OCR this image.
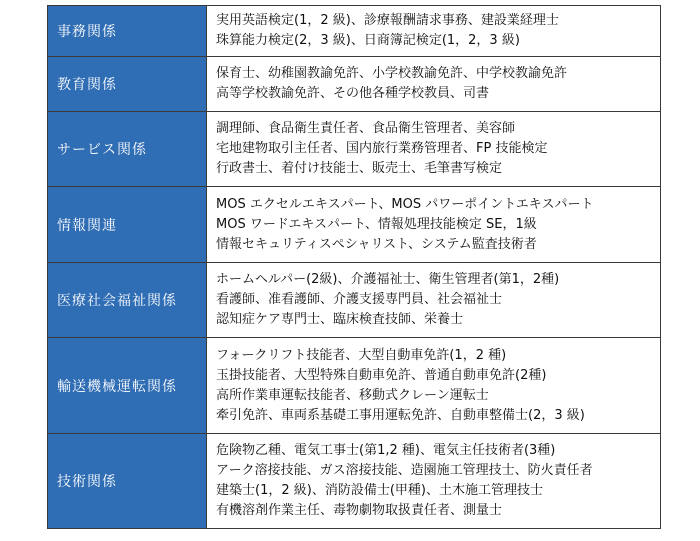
事務関係	実用英語検定(1，2 級)、診療報酬請求事務、建設業経理士
珠算能力検定(2，3 級)、日商簿記検定(1，2，3 級)

教育関係	保育士、幼稚園教諭免許、小学校教諭免許、中学校教諭免許
高等学校教諭免許、その他各種学校教員、司書

サービス関係	調理師、食品衛生責任者、食品衛生管理者、美容師
宅地建物取引主任者、国内旅行業務管理者、FP 技能検定
行政書士、着付け技能士、販売士、毛筆書写検定

情報関連	MOS エクセルエキスパート、MOS パワーポイントエキスパート
MOS ワードエキスパート、情報処理技能検定 SE，1級
情報セキュリティスペシャリスト、システム監査技術者

医療社会福祉関係	ホームヘルパー(2級)、介護福祉士、衛生管理者(第1，2種)
看護師、准看護師、介護支援専門員、社会福祉士
認知症ケア専門士、臨床検査技師、栄養士

輸送機械運転関係	フォークリフト技能者、大型自動車免許(1，2 種)
玉掛技能者、大型特殊自動車免許、普通自動車免許(2種)
高所作業車運転技能者、移動式クレーン運転士
牽引免許、車両系基礎工事用運転免許、自動車整備士(2，3 級)

技術関係	危険物乙種、電気工事士(第1,2 種)、電気主任技術者(3種)
アーク溶接技能、ガス溶接技能、造園施工管理技士、防火責任者
建築士(1，2 級)、消防設備士(甲種)、土木施工管理技士
有機溶剤作業主任、毒物劇物取扱責任者、測量士
